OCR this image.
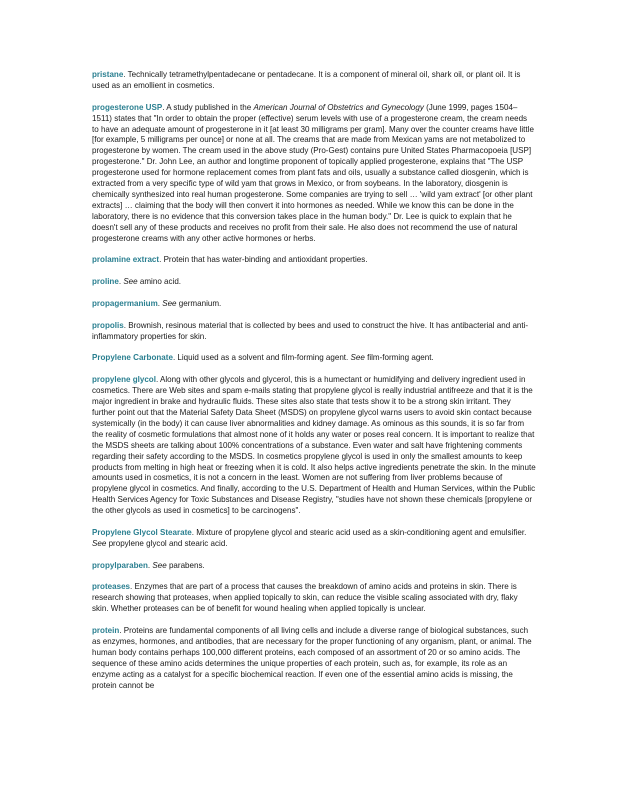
pristane. Technically tetramethylpentadecane or pentadecane. It is a component of mineral oil, shark oil, or plant oil. It is used as an emollient in cosmetics.

progesterone USP. A study published in the American Journal of Obstetrics and Gynecology (June 1999, pages 1504–1511) states that "In order to obtain the proper (effective) serum levels with use of a progesterone cream, the cream needs to have an adequate amount of progesterone in it [at least 30 milligrams per gram]. Many over the counter creams have little [for example, 5 milligrams per ounce] or none at all. The creams that are made from Mexican yams are not metabolized to progesterone by women. The cream used in the above study (Pro-Gest) contains pure United States Pharmacopoeia [USP] progesterone." Dr. John Lee, an author and longtime proponent of topically applied progesterone, explains that "The USP progesterone used for hormone replacement comes from plant fats and oils, usually a substance called diosgenin, which is extracted from a very specific type of wild yam that grows in Mexico, or from soybeans. In the laboratory, diosgenin is chemically synthesized into real human progesterone. Some companies are trying to sell … 'wild yam extract' [or other plant extracts] … claiming that the body will then convert it into hormones as needed. While we know this can be done in the laboratory, there is no evidence that this conversion takes place in the human body." Dr. Lee is quick to explain that he doesn't sell any of these products and receives no profit from their sale. He also does not recommend the use of natural progesterone creams with any other active hormones or herbs.

prolamine extract. Protein that has water-binding and antioxidant properties.

proline. See amino acid.

propagermanium. See germanium.

propolis. Brownish, resinous material that is collected by bees and used to construct the hive. It has antibacterial and anti-inflammatory properties for skin.

Propylene Carbonate. Liquid used as a solvent and film-forming agent. See film-forming agent.

propylene glycol. Along with other glycols and glycerol, this is a humectant or humidifying and delivery ingredient used in cosmetics. There are Web sites and spam e-mails stating that propylene glycol is really industrial antifreeze and that it is the major ingredient in brake and hydraulic fluids. These sites also state that tests show it to be a strong skin irritant. They further point out that the Material Safety Data Sheet (MSDS) on propylene glycol warns users to avoid skin contact because systemically (in the body) it can cause liver abnormalities and kidney damage. As ominous as this sounds, it is so far from the reality of cosmetic formulations that almost none of it holds any water or poses real concern. It is important to realize that the MSDS sheets are talking about 100% concentrations of a substance. Even water and salt have frightening comments regarding their safety according to the MSDS. In cosmetics propylene glycol is used in only the smallest amounts to keep products from melting in high heat or freezing when it is cold. It also helps active ingredients penetrate the skin. In the minute amounts used in cosmetics, it is not a concern in the least. Women are not suffering from liver problems because of propylene glycol in cosmetics. And finally, according to the U.S. Department of Health and Human Services, within the Public Health Services Agency for Toxic Substances and Disease Registry, "studies have not shown these chemicals [propylene or the other glycols as used in cosmetics] to be carcinogens".

Propylene Glycol Stearate. Mixture of propylene glycol and stearic acid used as a skin-conditioning agent and emulsifier. See propylene glycol and stearic acid.

propylparaben. See parabens.

proteases. Enzymes that are part of a process that causes the breakdown of amino acids and proteins in skin. There is research showing that proteases, when applied topically to skin, can reduce the visible scaling associated with dry, flaky skin. Whether proteases can be of benefit for wound healing when applied topically is unclear.

protein. Proteins are fundamental components of all living cells and include a diverse range of biological substances, such as enzymes, hormones, and antibodies, that are necessary for the proper functioning of any organism, plant, or animal. The human body contains perhaps 100,000 different proteins, each composed of an assortment of 20 or so amino acids. The sequence of these amino acids determines the unique properties of each protein, such as, for example, its role as an enzyme acting as a catalyst for a specific biochemical reaction. If even one of the essential amino acids is missing, the protein cannot be
